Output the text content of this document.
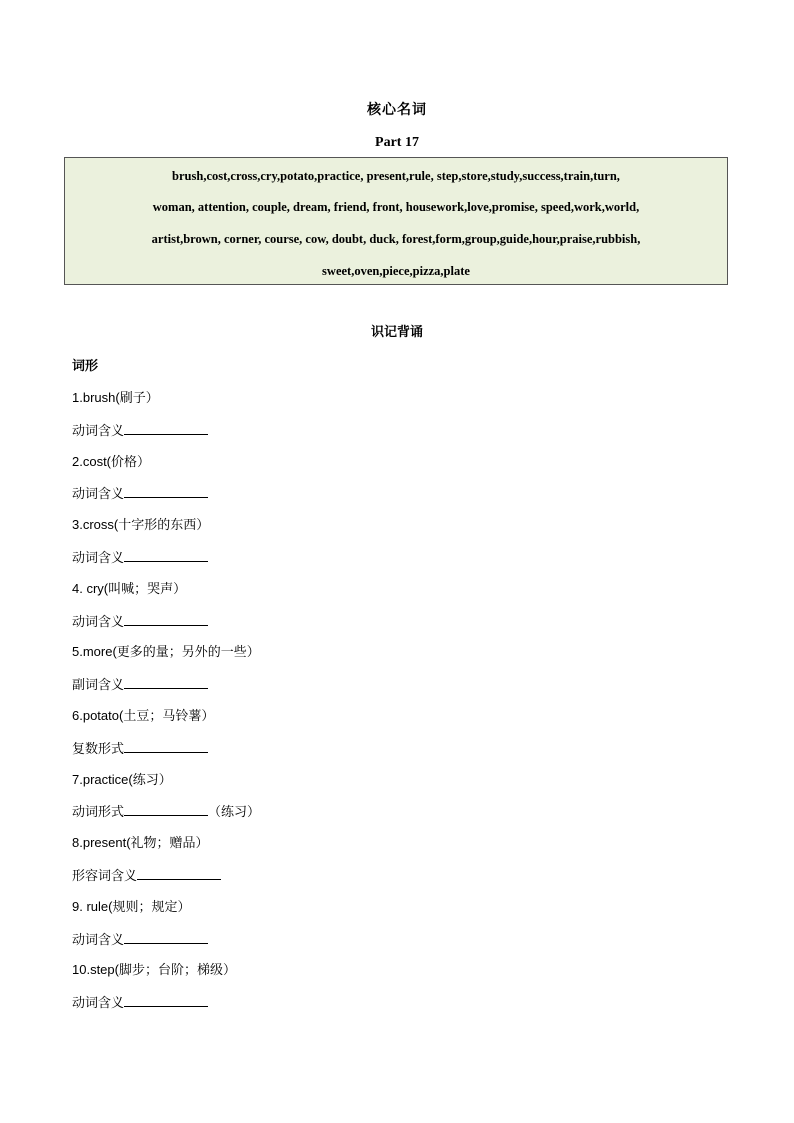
核心名词
Part 17
brush,cost,cross,cry,potato,practice, present,rule, step,store,study,success,train,turn,
woman, attention, couple, dream, friend, front, housework,love,promise, speed,work,world,
artist,brown, corner, course, cow, doubt, duck, forest,form,group,guide,hour,praise,rubbish,
sweet,oven,piece,pizza,plate
识记背诵
词形
1.brush(刷子）
动词含义
2.cost(价格）
动词含义
3.cross(十字形的东西）
动词含义
4. cry(叫喊；哭声）
动词含义
5.more(更多的量；另外的一些）
副词含义
6.potato(土豆；马铃薯）
复数形式
7.practice(练习）
动词形式	（练习）
8.present(礼物；赠品）
形容词含义
9. rule(规则；规定）
动词含义
10.step(脚步；台阶；梯级）
动词含义
